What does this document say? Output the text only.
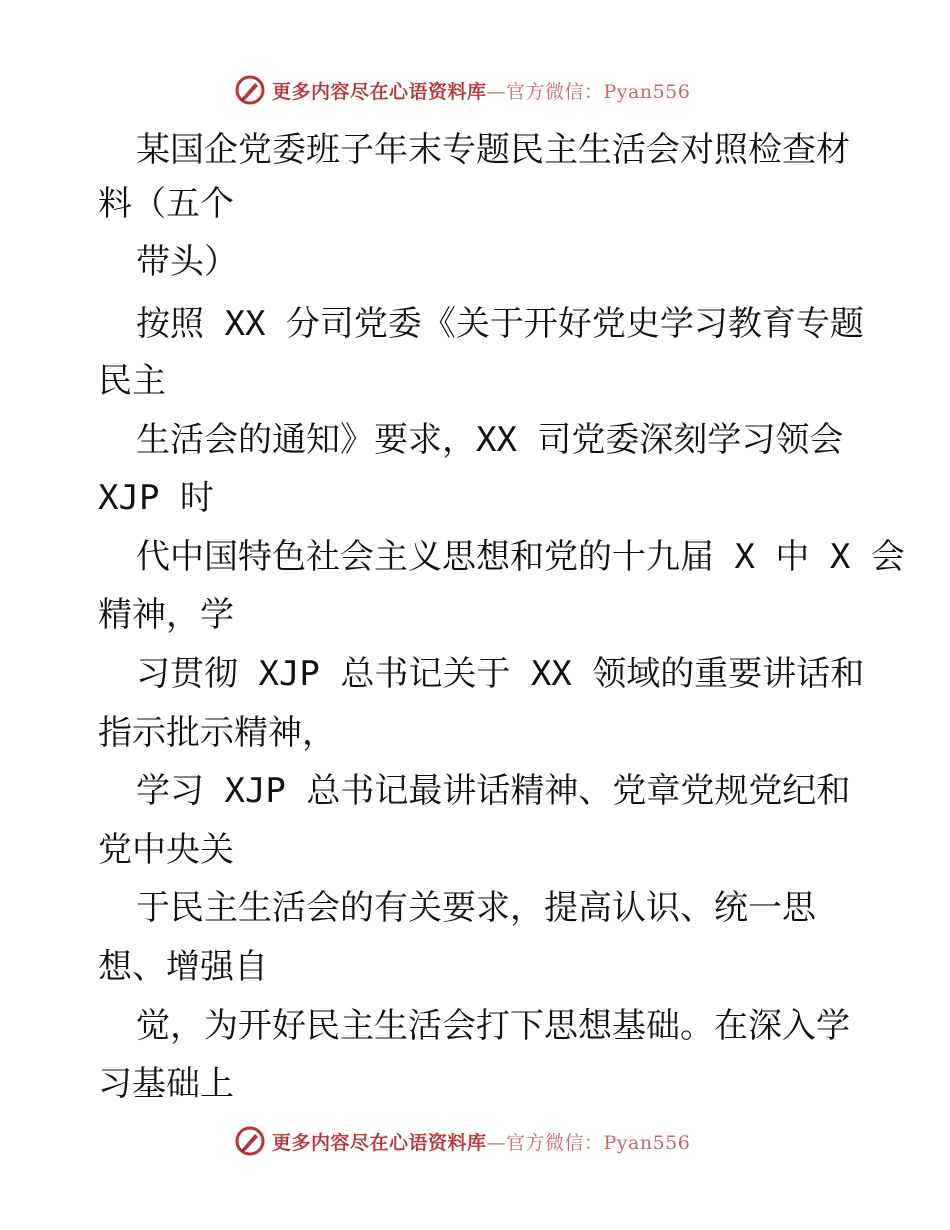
更多内容尽在心语资料库 —官方微信：Pyan556
某国企党委班子年末专题民主生活会对照检查材
料（五个
带头）
按照 XX 分司党委《关于开好党史学习教育专题
民主
生活会的通知》要求，XX 司党委深刻学习领会
XJP 时
代中国特色社会主义思想和党的十九届 X 中 X 会
精神，学
习贯彻 XJP 总书记关于 XX 领域的重要讲话和
指示批示精神，
学习 XJP 总书记最讲话精神、党章党规党纪和
党中央关
于民主生活会的有关要求，提高认识、统一思
想、增强自
觉，为开好民主生活会打下思想基础。在深入学
习基础上
更多内容尽在心语资料库 —官方微信：Pyan556
